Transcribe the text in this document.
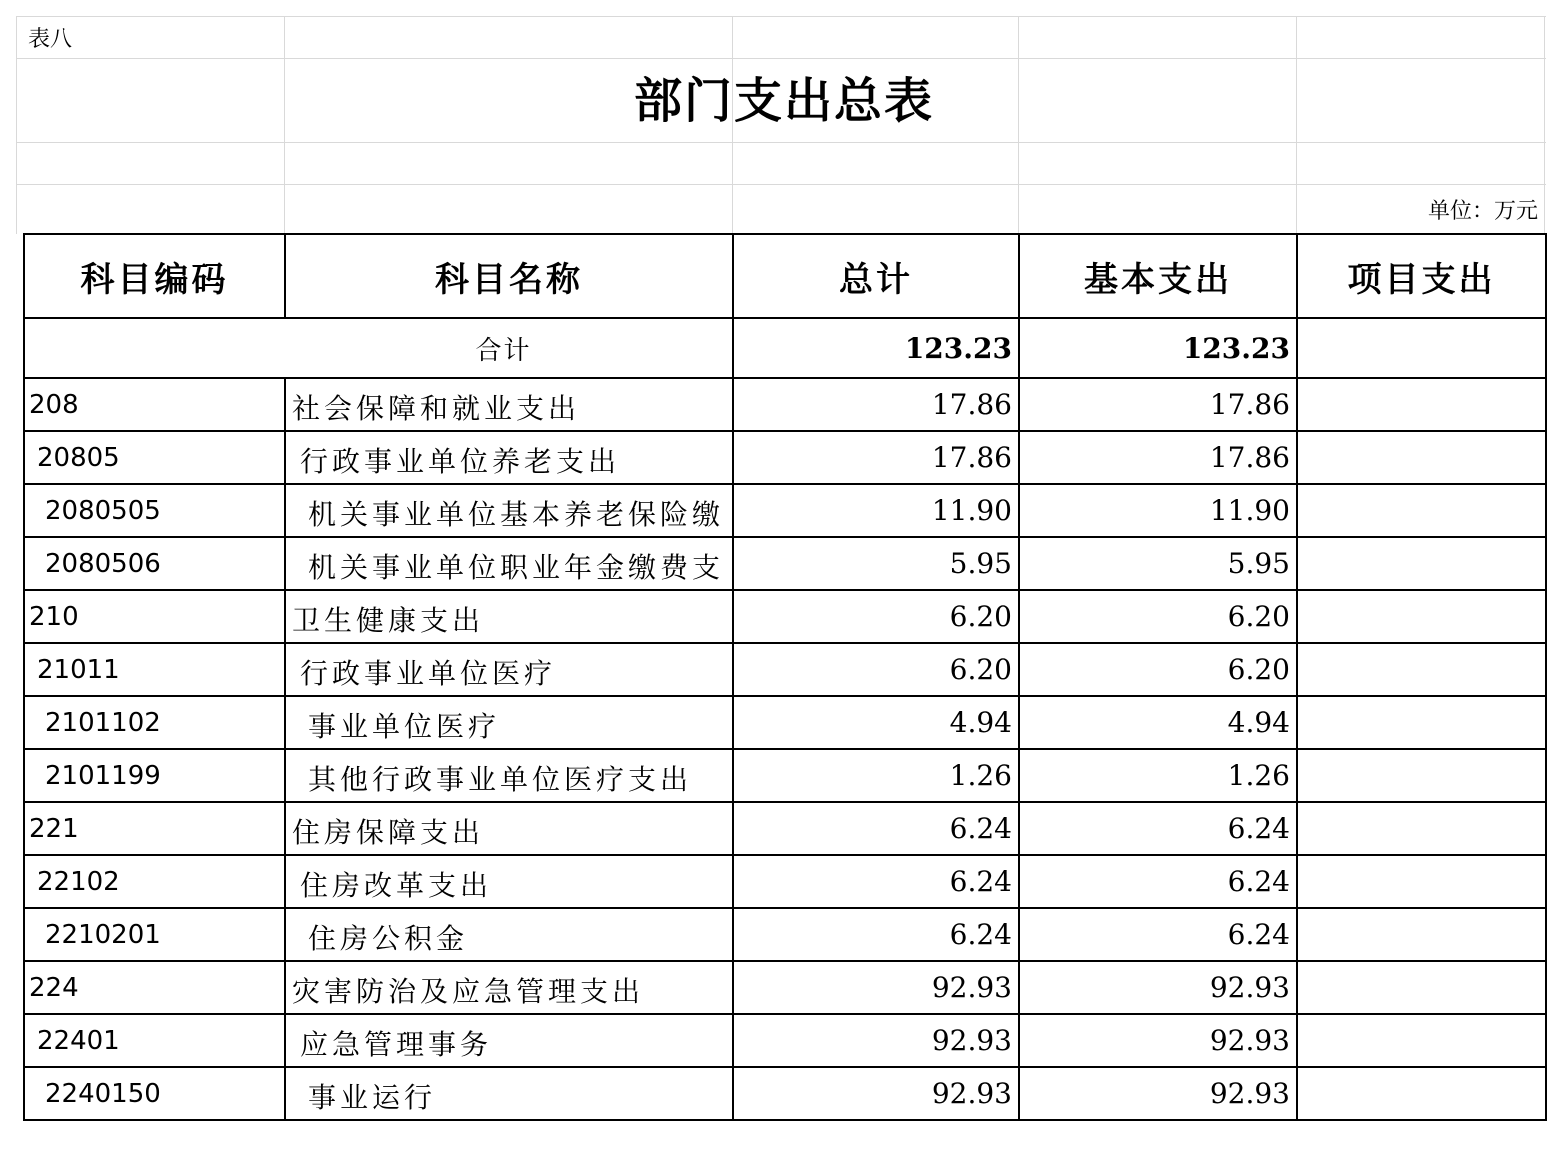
表八
部门支出总表
单位：万元
科目编码	科目名称	总计	基本支出	项目支出
合计		123.23	123.23	
208	社会保障和就业支出	17.86	17.86	
20805	行政事业单位养老支出	17.86	17.86	
2080505	机关事业单位基本养老保险缴	11.90	11.90	
2080506	机关事业单位职业年金缴费支	5.95	5.95	
210	卫生健康支出	6.20	6.20	
21011	行政事业单位医疗	6.20	6.20	
2101102	事业单位医疗	4.94	4.94	
2101199	其他行政事业单位医疗支出	1.26	1.26	
221	住房保障支出	6.24	6.24	
22102	住房改革支出	6.24	6.24	
2210201	住房公积金	6.24	6.24	
224	灾害防治及应急管理支出	92.93	92.93	
22401	应急管理事务	92.93	92.93	
2240150	事业运行	92.93	92.93	
